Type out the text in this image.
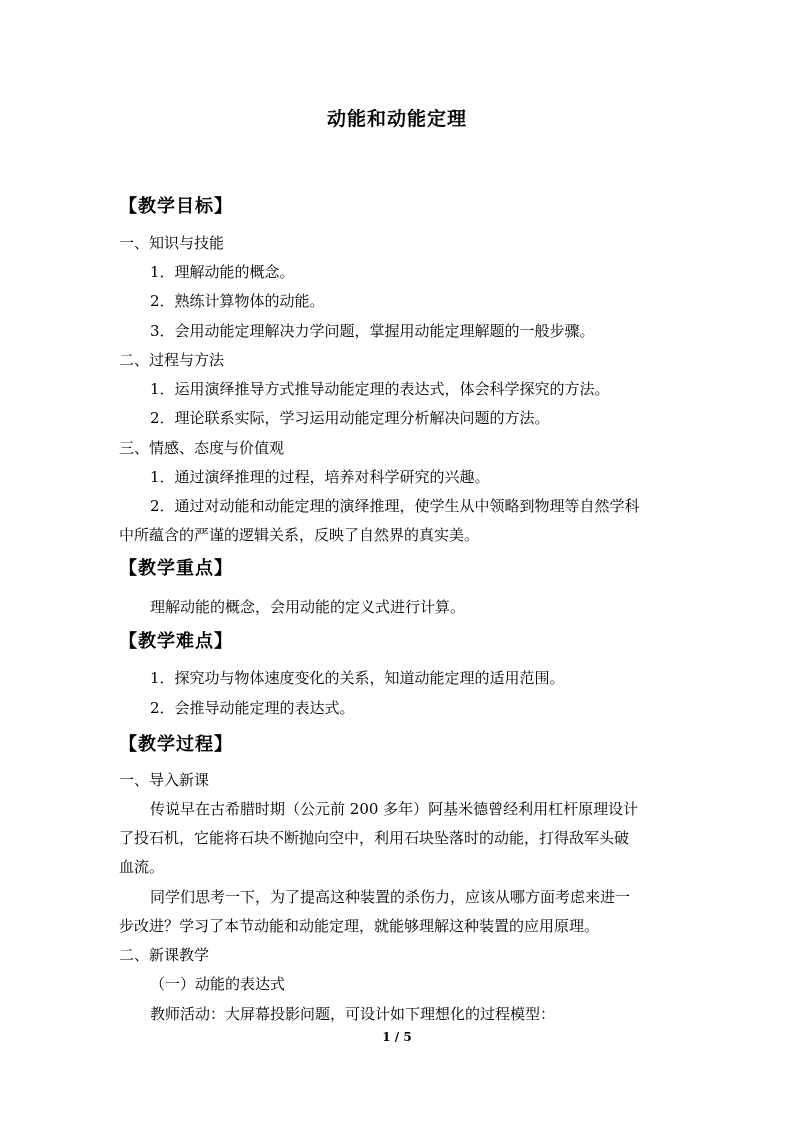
动能和动能定理
【教学目标】
一、知识与技能
1．理解动能的概念。
2．熟练计算物体的动能。
3．会用动能定理解决力学问题，掌握用动能定理解题的一般步骤。
二、过程与方法
1．运用演绎推导方式推导动能定理的表达式，体会科学探究的方法。
2．理论联系实际，学习运用动能定理分析解决问题的方法。
三、情感、态度与价值观
1．通过演绎推理的过程，培养对科学研究的兴趣。
2．通过对动能和动能定理的演绎推理，使学生从中领略到物理等自然学科
中所蕴含的严谨的逻辑关系，反映了自然界的真实美。
【教学重点】
理解动能的概念，会用动能的定义式进行计算。
【教学难点】
1．探究功与物体速度变化的关系，知道动能定理的适用范围。
2．会推导动能定理的表达式。
【教学过程】
一、导入新课
传说早在古希腊时期（公元前 200 多年）阿基米德曾经利用杠杆原理设计
了投石机，它能将石块不断抛向空中，利用石块坠落时的动能，打得敌军头破
血流。
同学们思考一下，为了提高这种装置的杀伤力，应该从哪方面考虑来进一
步改进？学习了本节动能和动能定理，就能够理解这种装置的应用原理。
二、新课教学
（一）动能的表达式
教师活动：大屏幕投影问题，可设计如下理想化的过程模型：
1 / 5
